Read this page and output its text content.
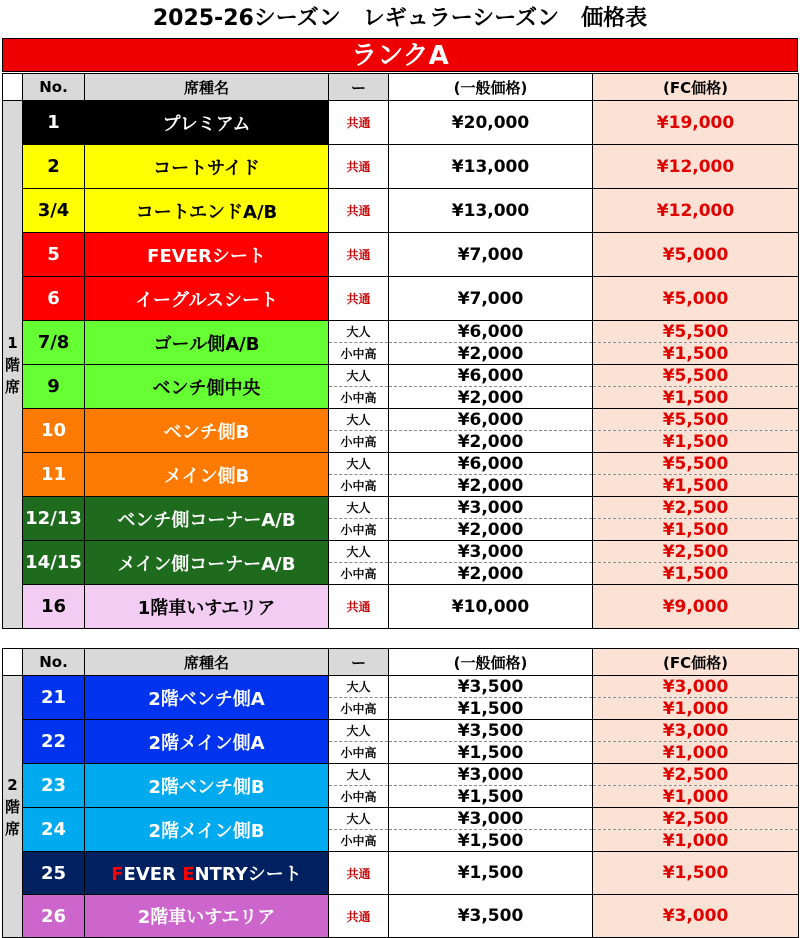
2025-26シーズン　レギュラーシーズン　価格表
ランクA
	No.	席種名	ー	(一般価格)	(FC価格)
1階席	1	プレミアム	共通	¥20,000	¥19,000
	2	コートサイド	共通	¥13,000	¥12,000
	3/4	コートエンドA/B	共通	¥13,000	¥12,000
	5	FEVERシート	共通	¥7,000	¥5,000
	6	イーグルスシート	共通	¥7,000	¥5,000
	7/8	ゴール側A/B	大人	¥6,000	¥5,500
			小中高	¥2,000	¥1,500
	9	ベンチ側中央	大人	¥6,000	¥5,500
			小中高	¥2,000	¥1,500
	10	ベンチ側B	大人	¥6,000	¥5,500
			小中高	¥2,000	¥1,500
	11	メイン側B	大人	¥6,000	¥5,500
			小中高	¥2,000	¥1,500
	12/13	ベンチ側コーナーA/B	大人	¥3,000	¥2,500
			小中高	¥2,000	¥1,500
	14/15	メイン側コーナーA/B	大人	¥3,000	¥2,500
			小中高	¥2,000	¥1,500
	16	1階車いすエリア	共通	¥10,000	¥9,000
	No.	席種名	ー	(一般価格)	(FC価格)
2階席	21	2階ベンチ側A	大人	¥3,500	¥3,000
			小中高	¥1,500	¥1,000
	22	2階メイン側A	大人	¥3,500	¥3,000
			小中高	¥1,500	¥1,000
	23	2階ベンチ側B	大人	¥3,000	¥2,500
			小中高	¥1,500	¥1,000
	24	2階メイン側B	大人	¥3,000	¥2,500
			小中高	¥1,500	¥1,000
	25	FEVER ENTRYシート	共通	¥1,500	¥1,500
	26	2階車いすエリア	共通	¥3,500	¥3,000
